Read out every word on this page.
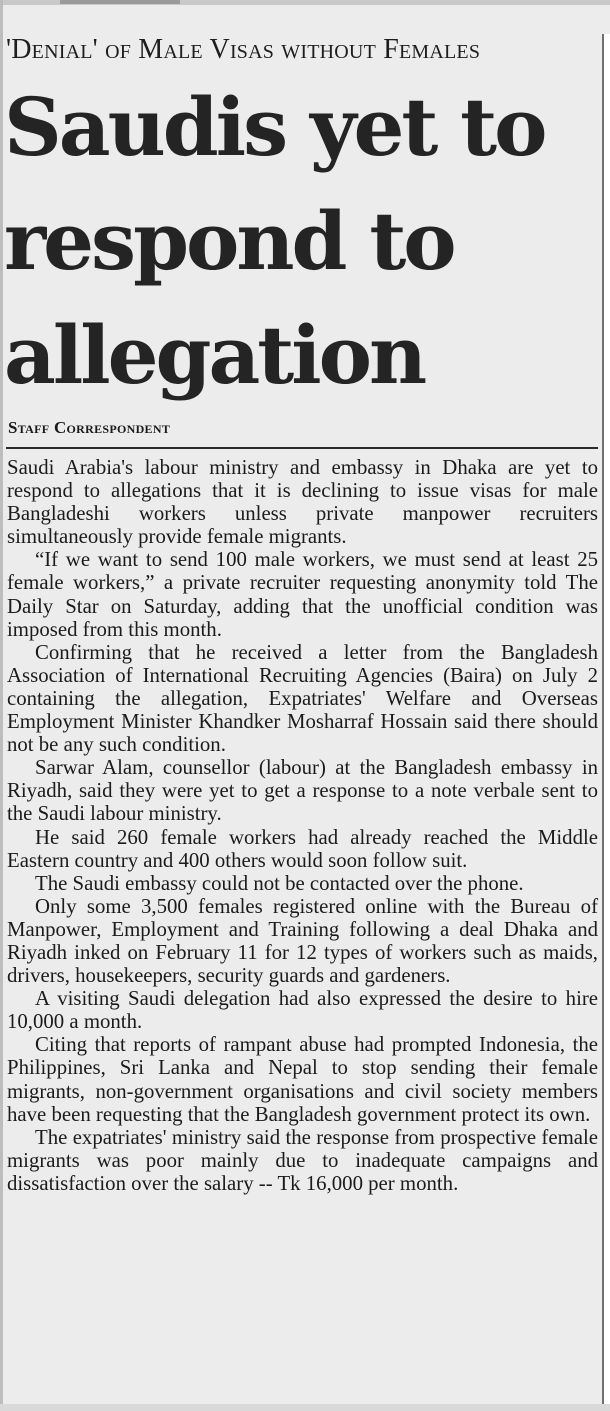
'Denial' of Male Visas without Females
Saudis yet to respond to allegation
Staff Correspondent

Saudi Arabia's labour ministry and embassy in Dhaka are yet to respond to allegations that it is declining to issue visas for male Bangladeshi workers unless private manpower recruiters simultaneously provide female migrants.

“If we want to send 100 male workers, we must send at least 25 female workers,” a private recruiter requesting anonymity told The Daily Star on Saturday, adding that the unofficial condition was imposed from this month.

Confirming that he received a letter from the Bangladesh Association of International Recruiting Agencies (Baira) on July 2 containing the allegation, Expatriates' Welfare and Overseas Employment Minister Khandker Mosharraf Hossain said there should not be any such condition.

Sarwar Alam, counsellor (labour) at the Bangladesh embassy in Riyadh, said they were yet to get a response to a note verbale sent to the Saudi labour ministry.

He said 260 female workers had already reached the Middle Eastern country and 400 others would soon follow suit.

The Saudi embassy could not be contacted over the phone.

Only some 3,500 females registered online with the Bureau of Manpower, Employment and Training following a deal Dhaka and Riyadh inked on February 11 for 12 types of workers such as maids, drivers, housekeepers, security guards and gardeners.

A visiting Saudi delegation had also expressed the desire to hire 10,000 a month.

Citing that reports of rampant abuse had prompted Indonesia, the Philippines, Sri Lanka and Nepal to stop sending their female migrants, non-government organisations and civil society members have been requesting that the Bangladesh government protect its own.

The expatriates' ministry said the response from prospective female migrants was poor mainly due to inadequate campaigns and dissatisfaction over the salary -- Tk 16,000 per month.
